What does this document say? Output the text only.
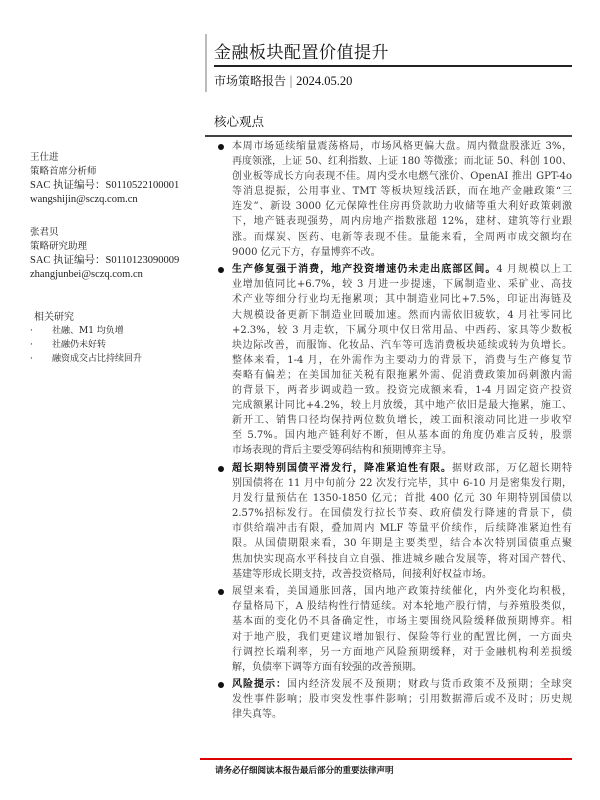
金融板块配置价值提升
市场策略报告 | 2024.05.20
核心观点
王仕进
策略首席分析师
SAC 执证编号：S0110522100001
wangshijin@sczq.com.cn
张君贝
策略研究助理
SAC 执证编号：S0110123090009
zhangjunbei@sczq.com.cn
相关研究
·	社融、M1 均负增
·	社融仍未好转
·	融资成交占比持续回升
本周市场延续缩量震荡格局，市场风格更偏大盘。周内微盘股涨近 3%，
再度领涨，上证 50、红利指数、上证 180 等微涨；而北证 50、科创 100、
创业板等成长方向表现不佳。周内受水电燃气涨价、OpenAI 推出 GPT-4o
等消息提振，公用事业、TMT 等板块短线活跃，而在地产金融政策“三
连发”、新设 3000 亿元保障性住房再贷款助力收储等重大利好政策刺激
下，地产链表现强势，周内房地产指数涨超 12%，建材、建筑等行业跟
涨。而煤炭、医药、电新等表现不佳。量能来看，全周两市成交额均在
9000 亿元下方，存量博弈不改。
生产修复强于消费，地产投资增速仍未走出底部区间。4 月规模以上工
业增加值同比+6.7%，较 3 月进一步提速，下属制造业、采矿业、高技
术产业等细分行业均无拖累项；其中制造业同比+7.5%，印证出海链及
大规模设备更新下制造业回暖加速。然而内需依旧疲软，4 月社零同比
+2.3%，较 3 月走软，下属分项中仅日常用品、中西药、家具等少数板
块边际改善，而服饰、化妆品、汽车等可选消费板块延续或转为负增长。
整体来看，1-4 月，在外需作为主要动力的背景下，消费与生产修复节
奏略有偏差；在美国加征关税有限拖累外需、促消费政策加码刺激内需
的背景下，两者步调或趋一致。投资完成额来看，1-4 月固定资产投资
完成额累计同比+4.2%，较上月放缓，其中地产依旧是最大拖累，施工、
新开工、销售口径均保持两位数负增长，竣工面积滚动同比进一步收窄
至 5.7%。国内地产链利好不断，但从基本面的角度仍难言反转，股票
市场表现的背后主要受筹码结构和预期博弈主导。
超长期特别国债平滑发行，降准紧迫性有限。据财政部，万亿超长期特
别国债将在 11 月中旬前分 22 次发行完毕，其中 6-10 月是密集发行期，
月发行量预估在 1350-1850 亿元；首批 400 亿元 30 年期特别国债以
2.57%招标发行。在国债发行拉长节奏、政府债发行降速的背景下，债
市供给端冲击有限，叠加周内 MLF 等量平价续作，后续降准紧迫性有
限。从国债期限来看，30 年期是主要类型，结合本次特别国债重点聚
焦加快实现高水平科技自立自强、推进城乡融合发展等，将对国产替代、
基建等形成长期支持，改善投资格局，间接利好权益市场。
展望来看，美国通胀回落，国内地产政策持续催化，内外变化均积极，
存量格局下，A 股结构性行情延续。对本轮地产股行情，与养殖股类似，
基本面的变化仍不具备确定性，市场主要围绕风险缓释做预期博弈。相
对于地产股，我们更建议增加银行、保险等行业的配置比例，一方面央
行调控长端利率，另一方面地产风险预期缓释，对于金融机构利差损缓
解，负债率下调等方面有较强的改善预期。
风险提示：国内经济发展不及预期；财政与货币政策不及预期；全球突
发性事件影响；股市突发性事件影响；引用数据滞后或不及时；历史规
律失真等。
请务必仔细阅读本报告最后部分的重要法律声明
